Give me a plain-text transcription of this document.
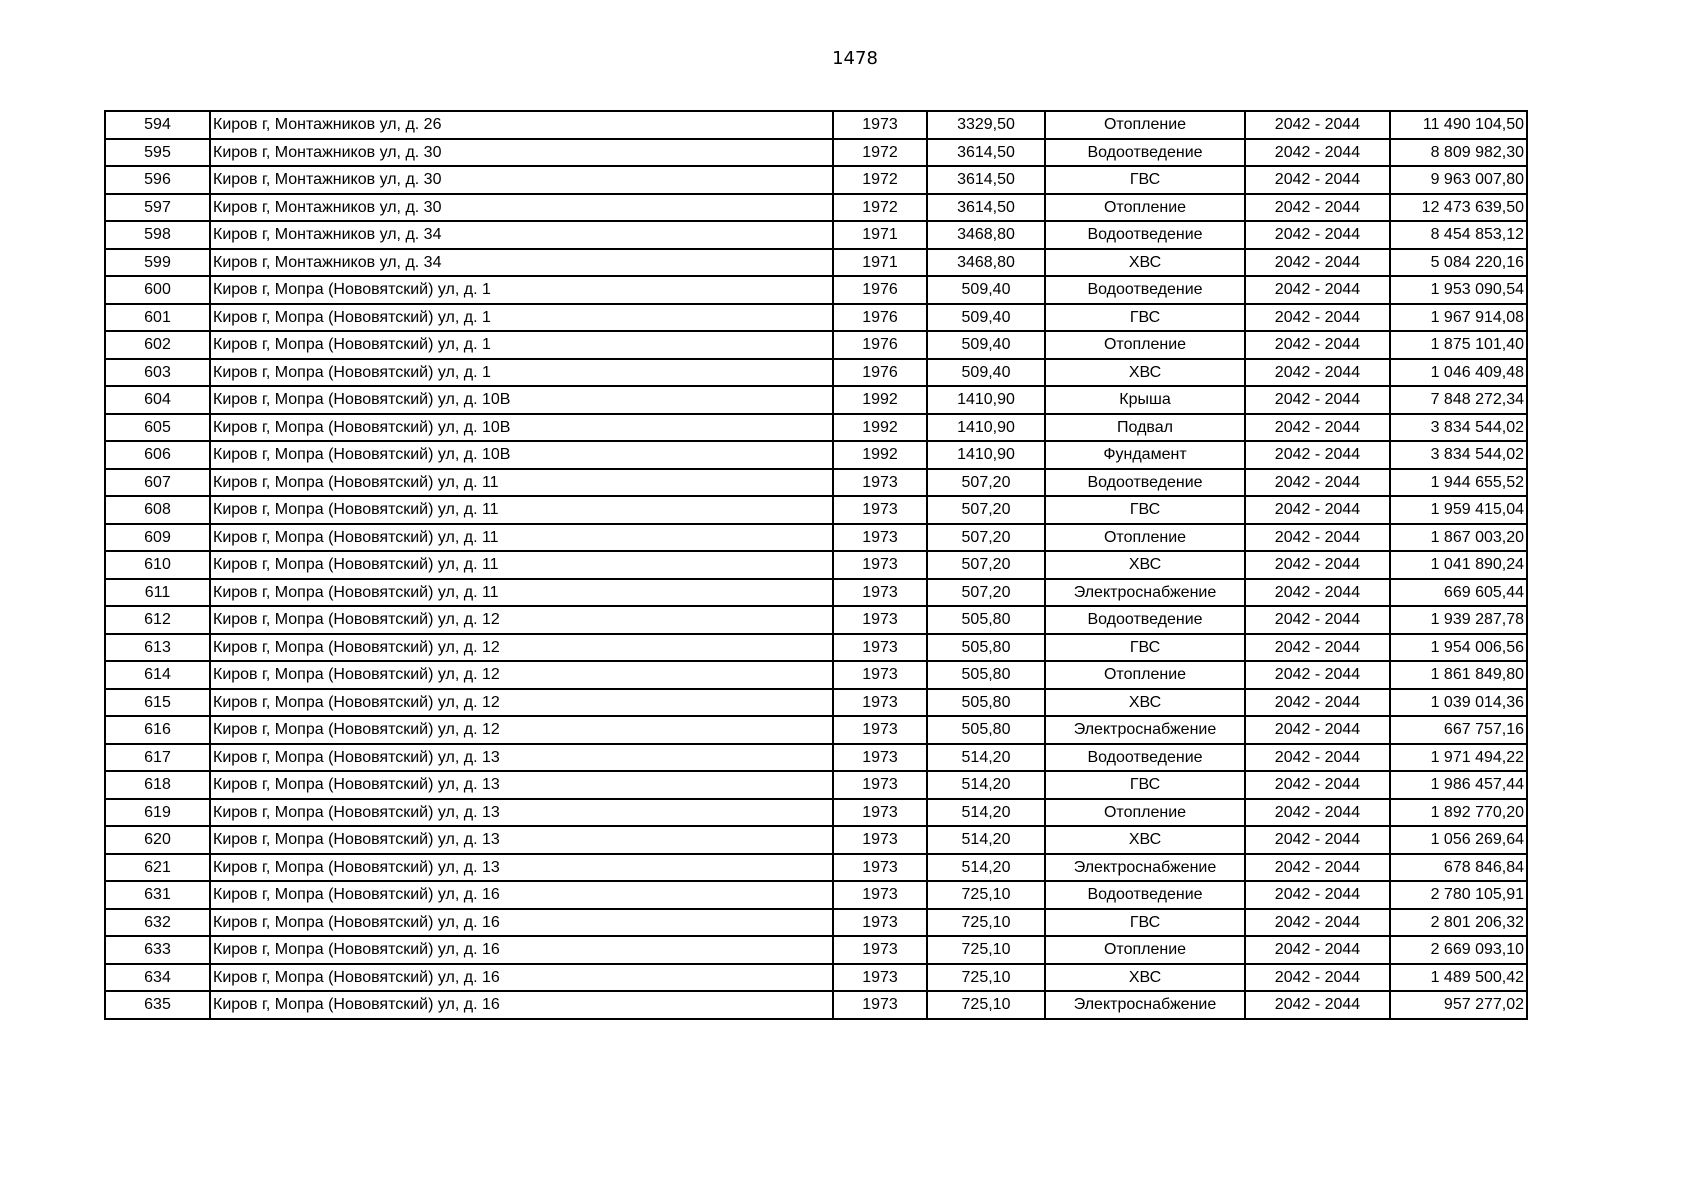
1478
594	Киров г, Монтажников ул, д. 26	1973	3329,50	Отопление	2042 - 2044	11 490 104,50
595	Киров г, Монтажников ул, д. 30	1972	3614,50	Водоотведение	2042 - 2044	8 809 982,30
596	Киров г, Монтажников ул, д. 30	1972	3614,50	ГВС	2042 - 2044	9 963 007,80
597	Киров г, Монтажников ул, д. 30	1972	3614,50	Отопление	2042 - 2044	12 473 639,50
598	Киров г, Монтажников ул, д. 34	1971	3468,80	Водоотведение	2042 - 2044	8 454 853,12
599	Киров г, Монтажников ул, д. 34	1971	3468,80	ХВС	2042 - 2044	5 084 220,16
600	Киров г, Мопра (Нововятский) ул, д. 1	1976	509,40	Водоотведение	2042 - 2044	1 953 090,54
601	Киров г, Мопра (Нововятский) ул, д. 1	1976	509,40	ГВС	2042 - 2044	1 967 914,08
602	Киров г, Мопра (Нововятский) ул, д. 1	1976	509,40	Отопление	2042 - 2044	1 875 101,40
603	Киров г, Мопра (Нововятский) ул, д. 1	1976	509,40	ХВС	2042 - 2044	1 046 409,48
604	Киров г, Мопра (Нововятский) ул, д. 10В	1992	1410,90	Крыша	2042 - 2044	7 848 272,34
605	Киров г, Мопра (Нововятский) ул, д. 10В	1992	1410,90	Подвал	2042 - 2044	3 834 544,02
606	Киров г, Мопра (Нововятский) ул, д. 10В	1992	1410,90	Фундамент	2042 - 2044	3 834 544,02
607	Киров г, Мопра (Нововятский) ул, д. 11	1973	507,20	Водоотведение	2042 - 2044	1 944 655,52
608	Киров г, Мопра (Нововятский) ул, д. 11	1973	507,20	ГВС	2042 - 2044	1 959 415,04
609	Киров г, Мопра (Нововятский) ул, д. 11	1973	507,20	Отопление	2042 - 2044	1 867 003,20
610	Киров г, Мопра (Нововятский) ул, д. 11	1973	507,20	ХВС	2042 - 2044	1 041 890,24
611	Киров г, Мопра (Нововятский) ул, д. 11	1973	507,20	Электроснабжение	2042 - 2044	669 605,44
612	Киров г, Мопра (Нововятский) ул, д. 12	1973	505,80	Водоотведение	2042 - 2044	1 939 287,78
613	Киров г, Мопра (Нововятский) ул, д. 12	1973	505,80	ГВС	2042 - 2044	1 954 006,56
614	Киров г, Мопра (Нововятский) ул, д. 12	1973	505,80	Отопление	2042 - 2044	1 861 849,80
615	Киров г, Мопра (Нововятский) ул, д. 12	1973	505,80	ХВС	2042 - 2044	1 039 014,36
616	Киров г, Мопра (Нововятский) ул, д. 12	1973	505,80	Электроснабжение	2042 - 2044	667 757,16
617	Киров г, Мопра (Нововятский) ул, д. 13	1973	514,20	Водоотведение	2042 - 2044	1 971 494,22
618	Киров г, Мопра (Нововятский) ул, д. 13	1973	514,20	ГВС	2042 - 2044	1 986 457,44
619	Киров г, Мопра (Нововятский) ул, д. 13	1973	514,20	Отопление	2042 - 2044	1 892 770,20
620	Киров г, Мопра (Нововятский) ул, д. 13	1973	514,20	ХВС	2042 - 2044	1 056 269,64
621	Киров г, Мопра (Нововятский) ул, д. 13	1973	514,20	Электроснабжение	2042 - 2044	678 846,84
631	Киров г, Мопра (Нововятский) ул, д. 16	1973	725,10	Водоотведение	2042 - 2044	2 780 105,91
632	Киров г, Мопра (Нововятский) ул, д. 16	1973	725,10	ГВС	2042 - 2044	2 801 206,32
633	Киров г, Мопра (Нововятский) ул, д. 16	1973	725,10	Отопление	2042 - 2044	2 669 093,10
634	Киров г, Мопра (Нововятский) ул, д. 16	1973	725,10	ХВС	2042 - 2044	1 489 500,42
635	Киров г, Мопра (Нововятский) ул, д. 16	1973	725,10	Электроснабжение	2042 - 2044	957 277,02
